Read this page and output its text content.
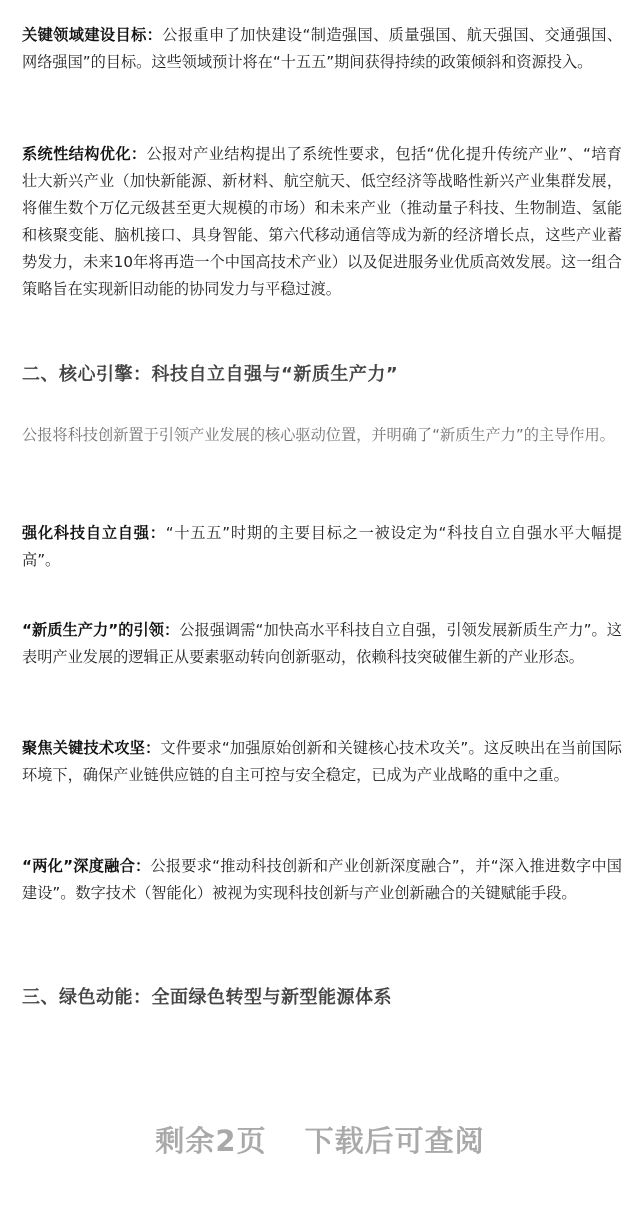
关键领域建设目标：公报重申了加快建设“制造强国、质量强国、航天强国、交通强国、网络强国”的目标。这些领域预计将在“十五五”期间获得持续的政策倾斜和资源投入。

系统性结构优化：公报对产业结构提出了系统性要求，包括“优化提升传统产业”、“培育壮大新兴产业（加快新能源、新材料、航空航天、低空经济等战略性新兴产业集群发展，将催生数个万亿元级甚至更大规模的市场）和未来产业（推动量子科技、生物制造、氢能和核聚变能、脑机接口、具身智能、第六代移动通信等成为新的经济增长点，这些产业蓄势发力，未来10年将再造一个中国高技术产业）以及促进服务业优质高效发展。这一组合策略旨在实现新旧动能的协同发力与平稳过渡。

二、核心引擎：科技自立自强与“新质生产力”

公报将科技创新置于引领产业发展的核心驱动位置，并明确了“新质生产力”的主导作用。

强化科技自立自强：“十五五”时期的主要目标之一被设定为“科技自立自强水平大幅提高”。

“新质生产力”的引领：公报强调需“加快高水平科技自立自强，引领发展新质生产力”。这表明产业发展的逻辑正从要素驱动转向创新驱动，依赖科技突破催生新的产业形态。

聚焦关键技术攻坚：文件要求“加强原始创新和关键核心技术攻关”。这反映出在当前国际环境下，确保产业链供应链的自主可控与安全稳定，已成为产业战略的重中之重。

“两化”深度融合：公报要求“推动科技创新和产业创新深度融合”，并“深入推进数字中国建设”。数字技术（智能化）被视为实现科技创新与产业创新融合的关键赋能手段。

三、绿色动能：全面绿色转型与新型能源体系
剩余2页 下载后可查阅
